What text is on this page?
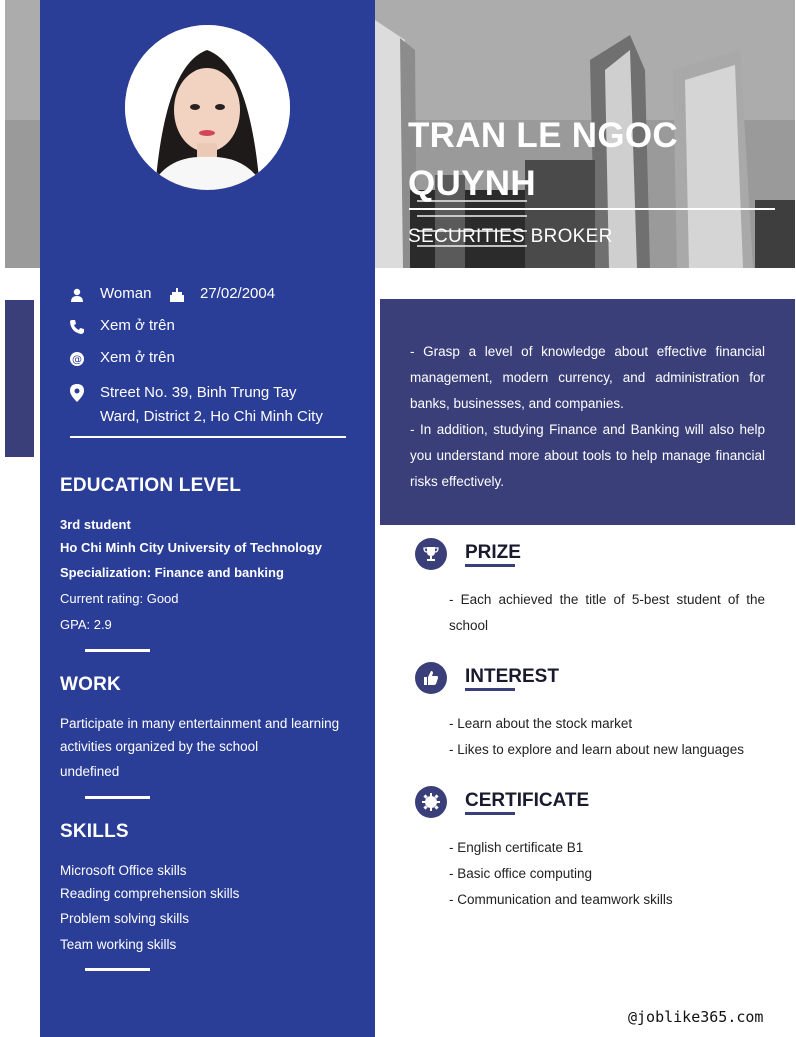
Woman	27/02/2004
Xem ở trên
@ Xem ở trên
Street No. 39, Binh Trung Tay Ward, District 2, Ho Chi Minh City
EDUCATION LEVEL
3rd student
Ho Chi Minh City University of Technology
Specialization: Finance and banking
Current rating: Good
GPA: 2.9
WORK
Participate in many entertainment and learning activities organized by the school
undefined
SKILLS
Microsoft Office skills
Reading comprehension skills
Problem solving skills
Team working skills
TRAN LE NGOC QUYNH
SECURITIES BROKER
- Grasp a level of knowledge about effective financial management, modern currency, and administration for banks, businesses, and companies.
- In addition, studying Finance and Banking will also help you understand more about tools to help manage financial risks effectively.
PRIZE
- Each achieved the title of 5-best student of the school
INTEREST
- Learn about the stock market
- Likes to explore and learn about new languages
CERTIFICATE
- English certificate B1
- Basic office computing
- Communication and teamwork skills
@joblike365.com
